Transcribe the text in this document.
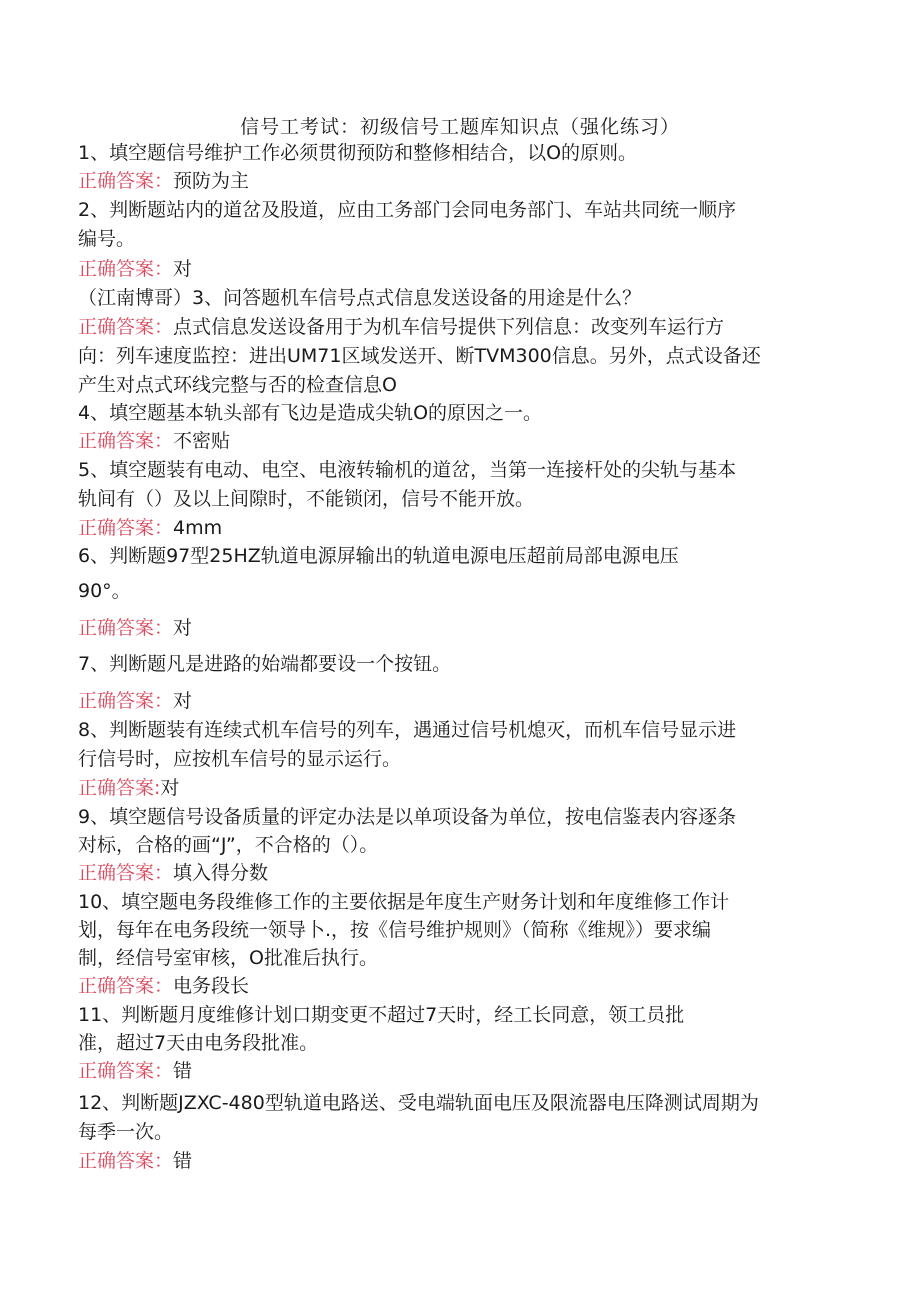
信号工考试：初级信号工题库知识点（强化练习）
1、填空题信号维护工作必须贯彻预防和整修相结合，以O的原则。
正确答案：预防为主
2、判断题站内的道岔及股道，应由工务部门会同电务部门、车站共同统一顺序
编号。
正确答案：对
（江南博哥）3、问答题机车信号点式信息发送设备的用途是什么？
正确答案：点式信息发送设备用于为机车信号提供下列信息：改变列车运行方
向：列车速度监控：进出UM71区域发送开、断TVM300信息。另外，点式设备还
产生对点式环线完整与否的检查信息O
4、填空题基本轨头部有飞边是造成尖轨O的原因之一。
正确答案：不密贴
5、填空题装有电动、电空、电液转输机的道岔，当第一连接杆处的尖轨与基本
轨间有（）及以上间隙时，不能锁闭，信号不能开放。
正确答案：4mm
6、判断题97型25HZ轨道电源屏输出的轨道电源电压超前局部电源电压
90°。
正确答案：对
7、判断题凡是进路的始端都要设一个按钮。
正确答案：对
8、判断题装有连续式机车信号的列车，遇通过信号机熄灭，而机车信号显示进
行信号时，应按机车信号的显示运行。
正确答案:对
9、填空题信号设备质量的评定办法是以单项设备为单位，按电信鉴表内容逐条
对标，合格的画“J”，不合格的（）。
正确答案：填入得分数
10、填空题电务段维修工作的主要依据是年度生产财务计划和年度维修工作计
划，每年在电务段统一领导卜.，按《信号维护规则》（简称《维规》）要求编
制，经信号室审核，O批准后执行。
正确答案：电务段长
11、判断题月度维修计划口期变更不超过7天时，经工长同意，领工员批
准，超过7天由电务段批准。
正确答案：错
12、判断题JZXC-480型轨道电路送、受电端轨面电压及限流器电压降测试周期为
每季一次。
正确答案：错
